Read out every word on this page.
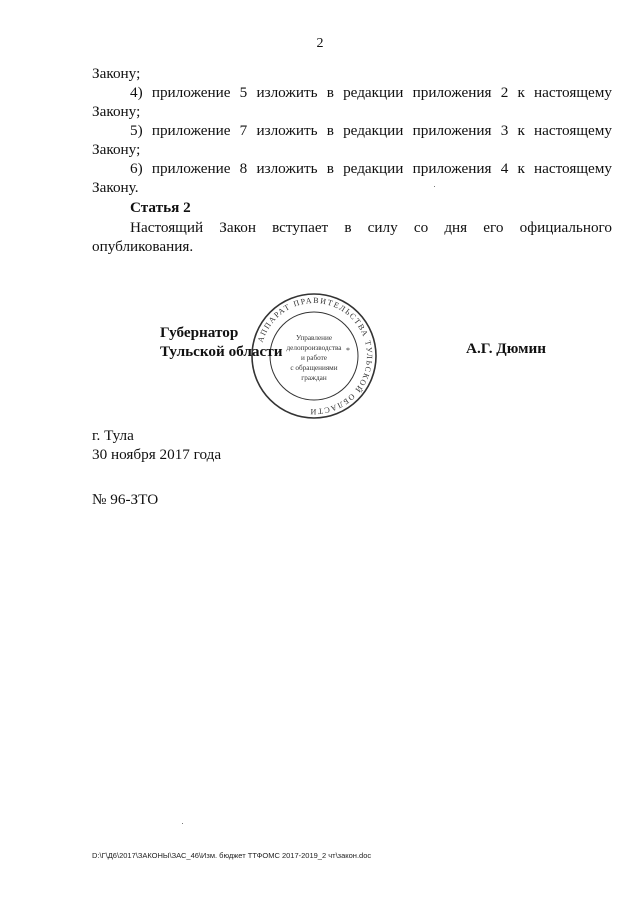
2
Закону;
4) приложение 5 изложить в редакции приложения 2 к настоящему
Закону;
5) приложение 7 изложить в редакции приложения 3 к настоящему
Закону;
6) приложение 8 изложить в редакции приложения 4 к настоящему
Закону.
Статья 2
Настоящий Закон вступает в силу со дня его официального
опубликования.
АППАРАТ ПРАВИТЕЛЬСТВА ТУЛЬСКОЙ ОБЛАСТИ
*
Управление
делопроизводства
и работе
с обращениями
граждан
Губернатор
Тульской области	А.Г. Дюмин
г. Тула
30 ноября 2017 года
№ 96-ЗТО
D:\Г\Д6\2017\ЗАКОНЫ\ЗАС_46\Изм. бюджет ТТФОМС 2017-2019_2 чт\закон.doc
